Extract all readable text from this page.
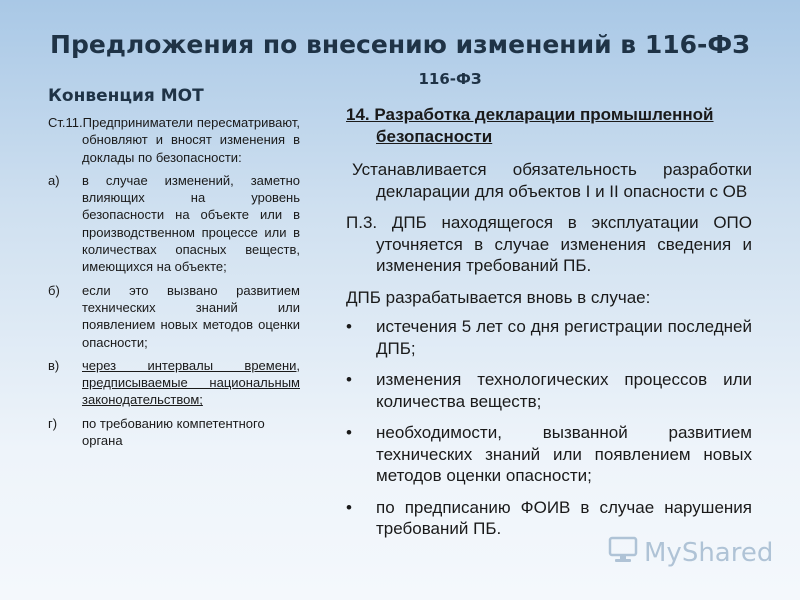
Предложения по внесению изменений в 116-ФЗ
116-ФЗ
Конвенция МОТ

Ст.11.Предприниматели пересматривают, обновляют и вносят изменения в доклады по безопасности:

а)	в случае изменений, заметно влияющих на уровень безопасности на объекте или в производственном процессе или в количествах опасных веществ, имеющихся на объекте;

б)	если это вызвано развитием технических знаний или появлением новых методов оценки опасности;

в)	через интервалы времени, предписываемые национальным законодательством;

г)	по требованию компетентного органа

14. Разработка декларации промышленной безопасности

Устанавливается обязательность разработки декларации для объектов I и II опасности с ОВ

П.3. ДПБ находящегося в эксплуатации ОПО уточняется в случае изменения сведения и изменения требований ПБ.

ДПБ разрабатывается вновь в случае:

• истечения 5 лет со дня регистрации последней ДПБ;
• изменения технологических процессов или количества веществ;
• необходимости, вызванной развитием технических знаний или появлением новых методов оценки опасности;
• по предписанию ФОИВ в случае нарушения требований ПБ.
MyShared
